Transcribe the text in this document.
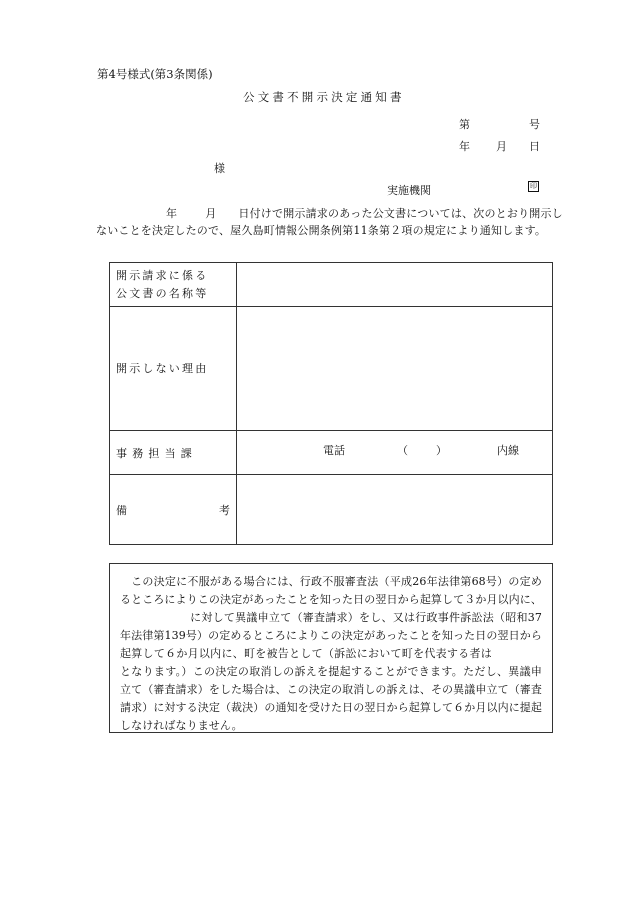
第4号様式(第3条関係)
公文書不開示決定通知書
第	号
年 月 日
様
実施機関	印
年	月 日付けで開示請求のあった公文書については、次のとおり開示しないことを決定したので、屋久島町情報公開条例第11条第２項の規定により通知します。
開示請求に係る
公文書の名称等	

開示しない理由	

事務担当課	電話 （ ） 内線

備 考	

この決定に不服がある場合には、行政不服審査法（平成26年法律第68号）の定めるところによりこの決定があったことを知った日の翌日から起算して３か月以内に、に対して異議申立て（審査請求）をし、又は行政事件訴訟法（昭和37年法律第139号）の定めるところによりこの決定があったことを知った日の翌日から起算して６か月以内に、町を被告として（訴訟において町を代表する者はとなります。）この決定の取消しの訴えを提起することができます。ただし、異議申立て（審査請求）をした場合は、この決定の取消しの訴えは、その異議申立て（審査請求）に対する決定（裁決）の通知を受けた日の翌日から起算して６か月以内に提起しなければなりません。
